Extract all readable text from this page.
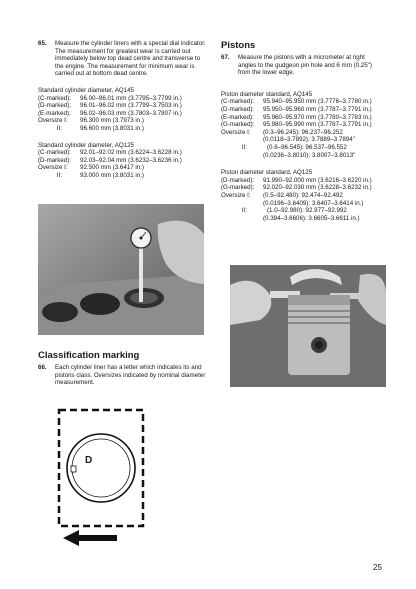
65.	Measure the cylinder liners with a special dial indicator. The measurement for greatest wear is carried out immediately below top dead centre and transverse to the engine. The measurement for minimum wear is carried out at bottom dead centre.
Standard cylinder diameter, AQ145
(C-marked):	96.00–96.01 mm (3.7795–3.7799 in.)
(D-marked):	96.01–96.02 mm (3.7799–3.7503 in.)
(E-marked):	96.02–96.03 mm (3.7803–3.7807 in.)
Oversize I:	96.300 mm (3.7973 in.)
II:	96.600 mm (3.8031 in.)
Standard cylinder diameter, AQ125
(C-marked):	92.01–92.02 mm (3.6224–3.6228 in.)
(D-marked):	92.03–92.04 mm (3.6232–3.6236 in.)
Oversize I:	92.500 mm (3.6417 in.)
II:	93.000 mm (3.8031 in.)
Pistons
67.	Measure the pistons with a micrometer at right angles to the gudgeon pin hole and 6 mm (0.25") from the lower edge.
Piston diameter standard, AQ145
(C-marked):	95.940–95.950 mm (3.7776–3.7780 in.)
(D-marked):	95.950–95.960 mm (3.7787–3.7791 in.)
(E-marked):	95.960–95.970 mm (3.7780–3.7783 in.)
(G-marked):	95.980–95.990 mm (3.7787–3.7791 in.)
Oversize I:	(0.3–96.245): 96.237–96.252
(0.0118–3.7892): 3.7889–3.7894"
II:	(0.6–96.545): 96.537–96.552
(0.0236–3.8010): 3.8007–3.8013"
Piston diameter standard, AQ125
(D-marked):	91.990–92.000 mm (3.6216–3.6220 in.)
(G-marked):	92.020–92.030 mm (3.6228–3.6232 in.)
Oversize I:	(0.5–92.480): 92.474–92.492
(0.0196–3.6409): 3.6407–3.6414 in.)
II:	(1.0–92.980): 92.977–92.992
(0.394–3.6606): 3.6605–3.6611 in.)
Classification marking
66.	Each cylinder liner has a letter which indicates its and pistons class. Oversizes indicated by nominal diameter measurement.
D
25
